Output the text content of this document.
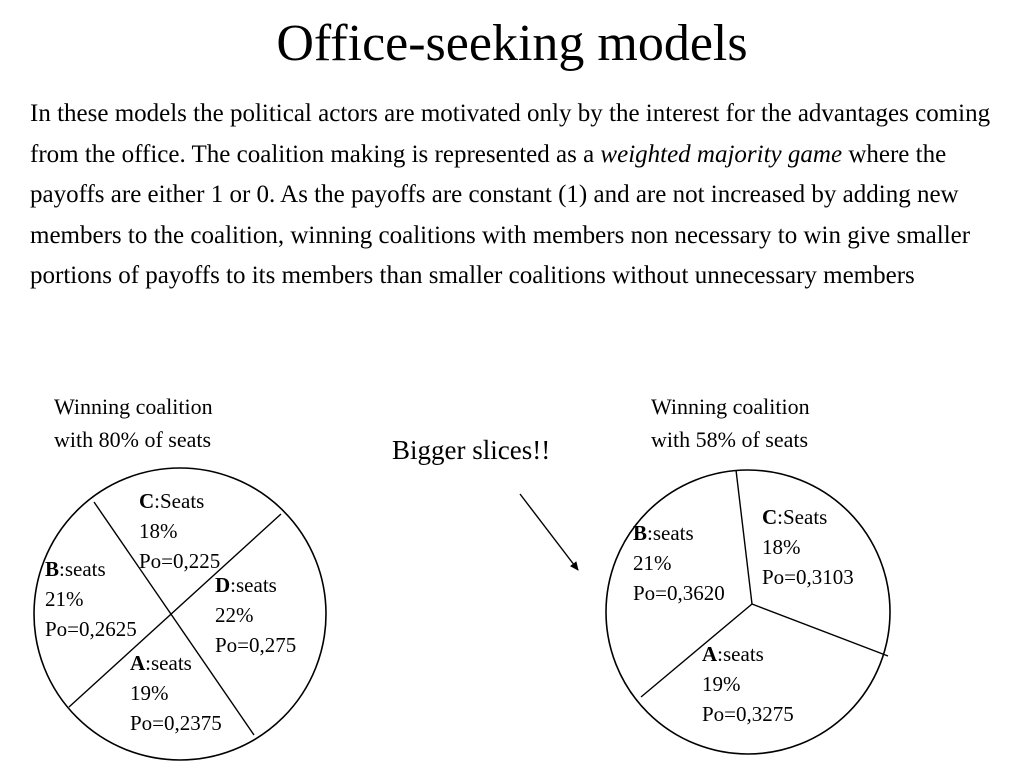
Office-seeking models
In these models the political actors are motivated only by the interest for the advantages coming from the office. The coalition making is represented as a weighted majority game where the payoffs are either 1 or 0. As the payoffs are constant (1) and are not increased by adding new members to the coalition, winning coalitions with members non necessary to win give smaller portions of payoffs to its members than smaller coalitions without unnecessary members
Winning coalition
with 80% of seats
Winning coalition
with 58% of seats
Bigger slices!!
C:Seats
18%
Po=0,225
B:seats
21%
Po=0,2625
D:seats
22%
Po=0,275
A:seats
19%
Po=0,2375
B:seats
21%
Po=0,3620
C:Seats
18%
Po=0,3103
A:seats
19%
Po=0,3275
